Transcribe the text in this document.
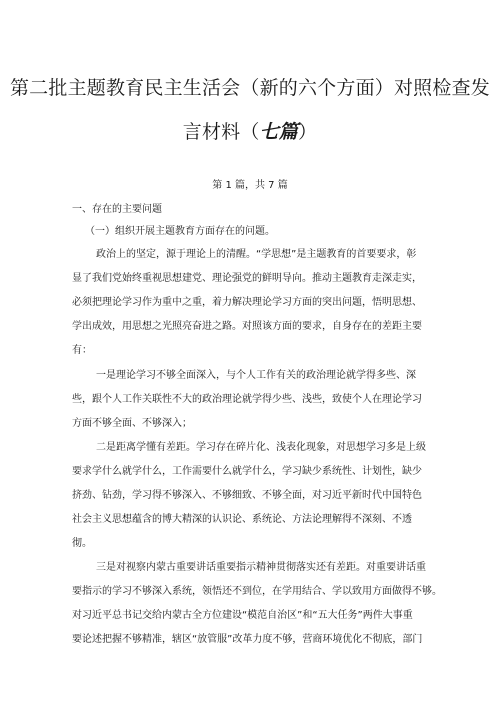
第二批主题教育民主生活会（新的六个方面）对照检查发
言材料（七篇）
第 1 篇，共 7 篇
一、存在的主要问题
（一）组织开展主题教育方面存在的问题。
政治上的坚定，源于理论上的清醒。“学思想”是主题教育的首要要求，彰
显了我们党始终重视思想建党、理论强党的鲜明导向。推动主题教育走深走实，
必须把理论学习作为重中之重，着力解决理论学习方面的突出问题，悟明思想、
学出成效，用思想之光照亮奋进之路。对照该方面的要求，自身存在的差距主要
有：
一是理论学习不够全面深入，与个人工作有关的政治理论就学得多些、深
些，跟个人工作关联性不大的政治理论就学得少些、浅些，致使个人在理论学习
方面不够全面、不够深入；
二是距离学懂有差距。学习存在碎片化、浅表化现象，对思想学习多是上级
要求学什么就学什么，工作需要什么就学什么，学习缺少系统性、计划性，缺少
挤劲、钻劲，学习得不够深入、不够细致、不够全面，对习近平新时代中国特色
社会主义思想蕴含的博大精深的认识论、系统论、方法论理解得不深刻、不透
彻。
三是对视察内蒙古重要讲话重要指示精神贯彻落实还有差距。对重要讲话重
要指示的学习不够深入系统，领悟还不到位，在学用结合、学以致用方面做得不够。
对习近平总书记交给内蒙古全方位建设“模范自治区”和“五大任务”两件大事重
要论述把握不够精准，辖区“放管服”改革力度不够，营商环境优化不彻底，部门
